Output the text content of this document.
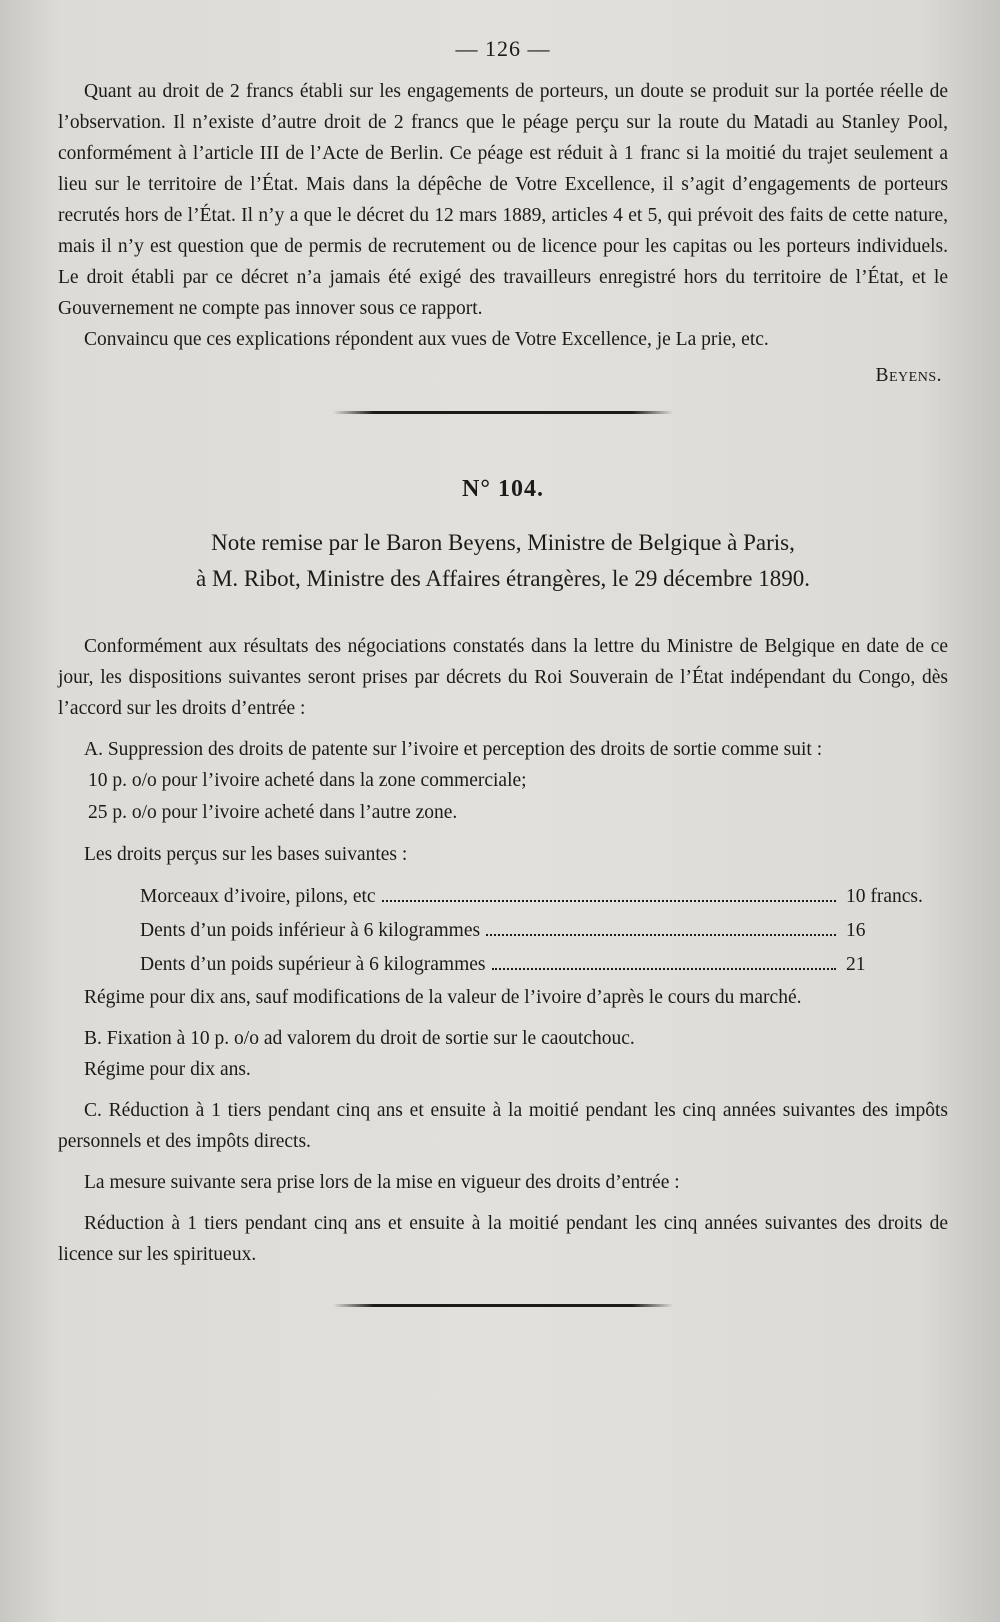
— 126 —

Quant au droit de 2 francs établi sur les engagements de porteurs, un doute se produit sur la portée réelle de l’observation. Il n’existe d’autre droit de 2 francs que le péage perçu sur la route du Matadi au Stanley Pool, conformément à l’article III de l’Acte de Berlin. Ce péage est réduit à 1 franc si la moitié du trajet seulement a lieu sur le territoire de l’État. Mais dans la dépêche de Votre Excellence, il s’agit d’engagements de porteurs recrutés hors de l’État. Il n’y a que le décret du 12 mars 1889, articles 4 et 5, qui prévoit des faits de cette nature, mais il n’y est question que de permis de recrutement ou de licence pour les capitas ou les porteurs individuels. Le droit établi par ce décret n’a jamais été exigé des travailleurs enregistré hors du territoire de l’État, et le Gouvernement ne compte pas innover sous ce rapport.

Convaincu que ces explications répondent aux vues de Votre Excellence, je La prie, etc.

Beyens.
N° 104.
Note remise par le Baron Beyens, Ministre de Belgique à Paris,
à M. Ribot, Ministre des Affaires étrangères, le 29 décembre 1890.

Conformément aux résultats des négociations constatés dans la lettre du Ministre de Belgique en date de ce jour, les dispositions suivantes seront prises par décrets du Roi Souverain de l’État indépendant du Congo, dès l’accord sur les droits d’entrée :

A. Suppression des droits de patente sur l’ivoire et perception des droits de sortie comme suit :

10 p. o/o pour l’ivoire acheté dans la zone commerciale;
25 p. o/o pour l’ivoire acheté dans l’autre zone.

Les droits perçus sur les bases suivantes :

Morceaux d’ivoire, pilons, etc	10 francs.
Dents d’un poids inférieur à 6 kilogrammes	16
Dents d’un poids supérieur à 6 kilogrammes	21

Régime pour dix ans, sauf modifications de la valeur de l’ivoire d’après le cours du marché.

B. Fixation à 10 p. o/o ad valorem du droit de sortie sur le caoutchouc.

Régime pour dix ans.

C. Réduction à 1 tiers pendant cinq ans et ensuite à la moitié pendant les cinq années suivantes des impôts personnels et des impôts directs.

La mesure suivante sera prise lors de la mise en vigueur des droits d’entrée :

Réduction à 1 tiers pendant cinq ans et ensuite à la moitié pendant les cinq années suivantes des droits de licence sur les spiritueux.
